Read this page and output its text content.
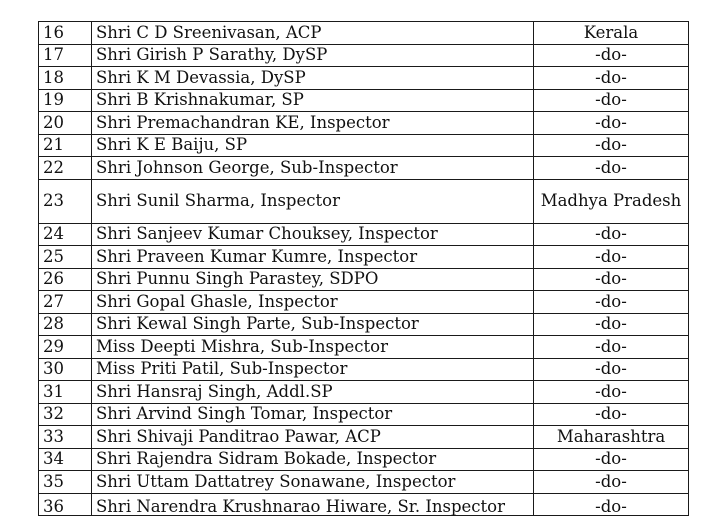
16	Shri C D Sreenivasan, ACP	Kerala
17	Shri Girish P Sarathy, DySP	-do-
18	Shri K M Devassia, DySP	-do-
19	Shri B Krishnakumar, SP	-do-
20	Shri Premachandran KE, Inspector	-do-
21	Shri K E Baiju, SP	-do-
22	Shri Johnson George, Sub-Inspector	-do-
23	Shri Sunil Sharma, Inspector	Madhya Pradesh
24	Shri Sanjeev Kumar Chouksey, Inspector	-do-
25	Shri Praveen Kumar Kumre, Inspector	-do-
26	Shri Punnu Singh Parastey, SDPO	-do-
27	Shri Gopal Ghasle, Inspector	-do-
28	Shri Kewal Singh Parte, Sub-Inspector	-do-
29	Miss Deepti Mishra, Sub-Inspector	-do-
30	Miss Priti Patil, Sub-Inspector	-do-
31	Shri Hansraj Singh, Addl.SP	-do-
32	Shri Arvind Singh Tomar, Inspector	-do-
33	Shri Shivaji Panditrao Pawar, ACP	Maharashtra
34	Shri Rajendra Sidram Bokade, Inspector	-do-
35	Shri Uttam Dattatrey Sonawane, Inspector	-do-
36	Shri Narendra Krushnarao Hiware, Sr. Inspector	-do-
